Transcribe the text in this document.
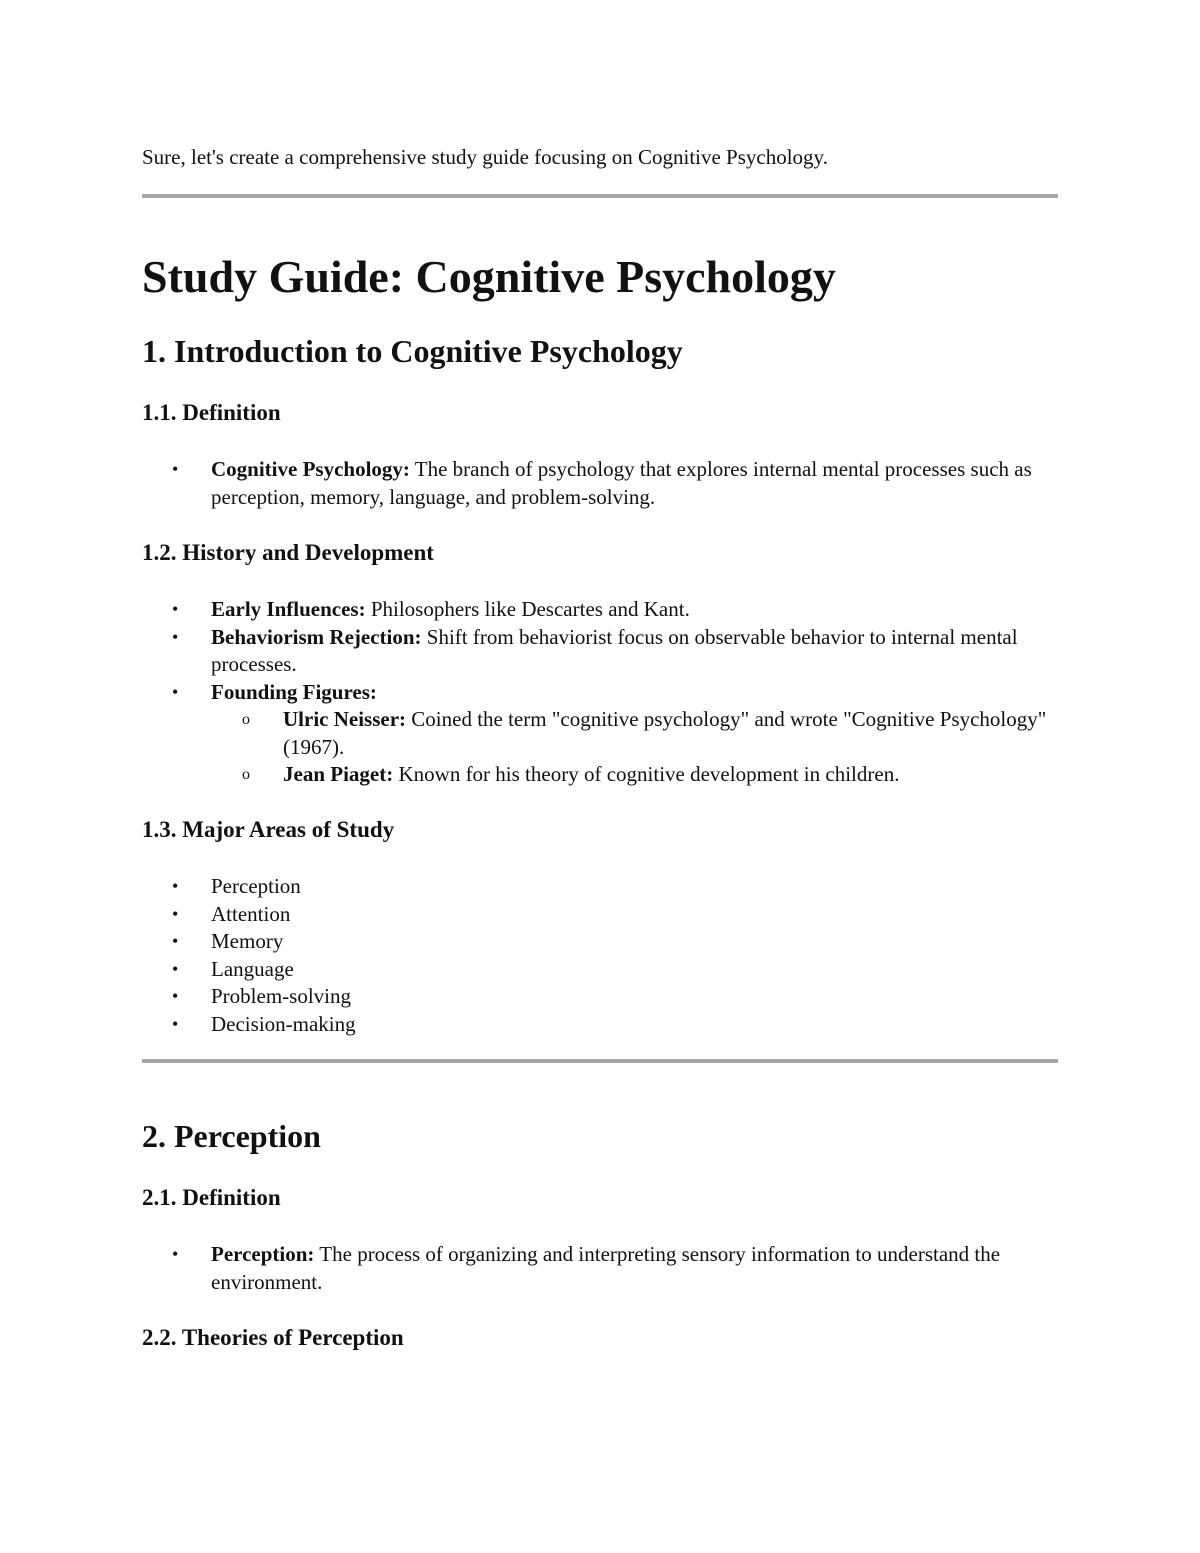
Sure, let's create a comprehensive study guide focusing on Cognitive Psychology.
Study Guide: Cognitive Psychology
1. Introduction to Cognitive Psychology
1.1. Definition
• Cognitive Psychology: The branch of psychology that explores internal mental processes such as perception, memory, language, and problem-solving.
1.2. History and Development
• Early Influences: Philosophers like Descartes and Kant.
• Behaviorism Rejection: Shift from behaviorist focus on observable behavior to internal mental processes.
• Founding Figures:
o Ulric Neisser: Coined the term "cognitive psychology" and wrote "Cognitive Psychology" (1967).
o Jean Piaget: Known for his theory of cognitive development in children.
1.3. Major Areas of Study
• Perception
• Attention
• Memory
• Language
• Problem-solving
• Decision-making
2. Perception
2.1. Definition
• Perception: The process of organizing and interpreting sensory information to understand the environment.
2.2. Theories of Perception
